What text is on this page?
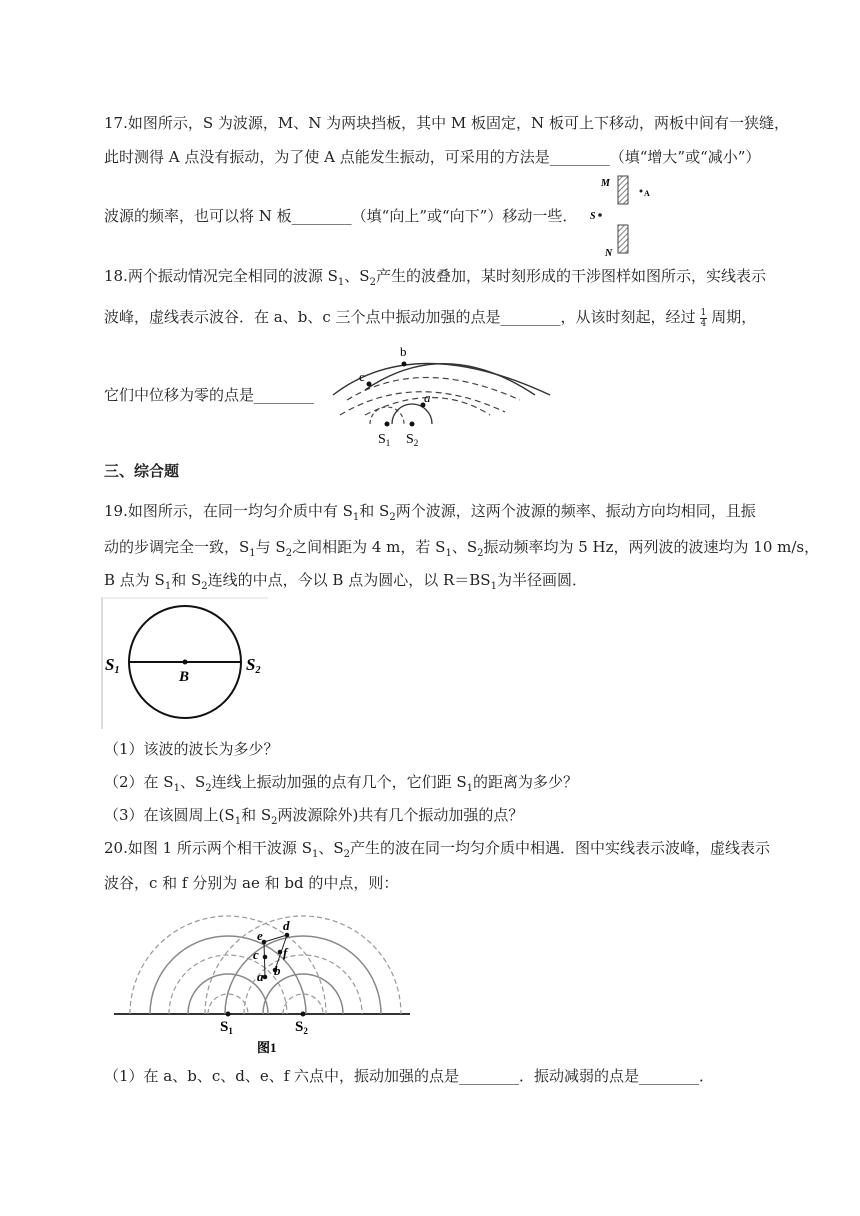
17.如图所示，S 为波源，M、N 为两块挡板，其中 M 板固定，N 板可上下移动，两板中间有一狭缝，
此时测得 A 点没有振动，为了使 A 点能发生振动，可采用的方法是________（填“增大”或“减小”）
波源的频率，也可以将 N 板________（填“向上”或“向下”）移动一些．
M
A
S
N
18.两个振动情况完全相同的波源 $S_1$、$S_2$产生的波叠加，某时刻形成的干涉图样如图所示，实线表示
波峰，虚线表示波谷．在 a、b、c 三个点中振动加强的点是________，从该时刻起，经过 $\frac{1}{4}$ 周期，
它们中位移为零的点是________
b
c
a
$S_1$ $S_2$
三、综合题
19.如图所示，在同一均匀介质中有 $S_1$和 $S_2$两个波源，这两个波源的频率、振动方向均相同，且振
动的步调完全一致，$S_1$与 $S_2$之间相距为 4 m，若 $S_1$、$S_2$振动频率均为 5 Hz，两列波的波速均为 10 m/s，
B 点为 $S_1$和 $S_2$连线的中点，今以 B 点为圆心，以 $R=BS_1$为半径画圆．
B
S1	S2
（1）该波的波长为多少？
（2）在 $S_1$、$S_2$连线上振动加强的点有几个，它们距 $S_1$的距离为多少？
（3）在该圆周上($S_1$和 $S_2$两波源除外)共有几个振动加强的点？
20.如图 1 所示两个相干波源 $S_1$、$S_2$产生的波在同一均匀介质中相遇．图中实线表示波峰，虚线表示
波谷，c 和 f 分别为 ae 和 bd 的中点，则：
e
d
c f
b
a
$S_1$	$S_2$
图1
（1）在 a、b、c、d、e、f 六点中，振动加强的点是________．振动减弱的点是________．
